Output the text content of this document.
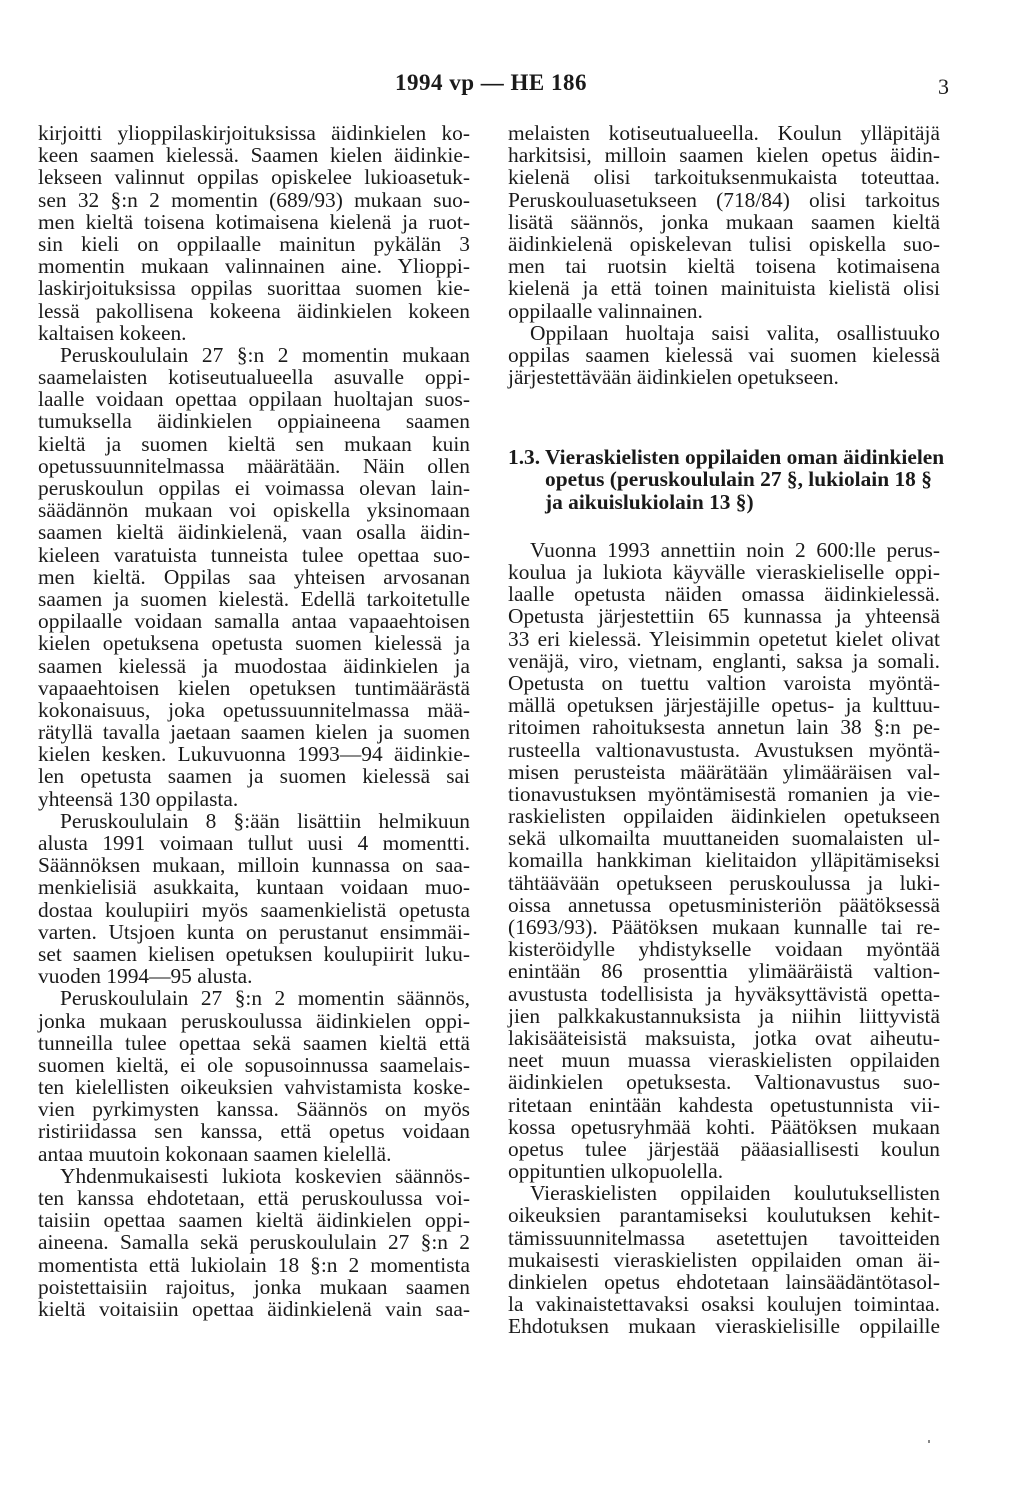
1994 vp — HE 186	3
kirjoitti ylioppilaskirjoituksissa äidinkielen ko-
keen saamen kielessä. Saamen kielen äidinkie-
lekseen valinnut oppilas opiskelee lukioasetuk-
sen 32 §:n 2 momentin (689/93) mukaan suo-
men kieltä toisena kotimaisena kielenä ja ruot-
sin kieli on oppilaalle mainitun pykälän 3
momentin mukaan valinnainen aine. Ylioppi-
laskirjoituksissa oppilas suorittaa suomen kie-
lessä pakollisena kokeena äidinkielen kokeen
kaltaisen kokeen.
Peruskoululain 27 §:n 2 momentin mukaan
saamelaisten kotiseutualueella asuvalle oppi-
laalle voidaan opettaa oppilaan huoltajan suos-
tumuksella äidinkielen oppiaineena saamen
kieltä ja suomen kieltä sen mukaan kuin
opetussuunnitelmassa määrätään. Näin ollen
peruskoulun oppilas ei voimassa olevan lain-
säädännön mukaan voi opiskella yksinomaan
saamen kieltä äidinkielenä, vaan osalla äidin-
kieleen varatuista tunneista tulee opettaa suo-
men kieltä. Oppilas saa yhteisen arvosanan
saamen ja suomen kielestä. Edellä tarkoitetulle
oppilaalle voidaan samalla antaa vapaaehtoisen
kielen opetuksena opetusta suomen kielessä ja
saamen kielessä ja muodostaa äidinkielen ja
vapaaehtoisen kielen opetuksen tuntimäärästä
kokonaisuus, joka opetussuunnitelmassa mää-
rätyllä tavalla jaetaan saamen kielen ja suomen
kielen kesken. Lukuvuonna 1993—94 äidinkie-
len opetusta saamen ja suomen kielessä sai
yhteensä 130 oppilasta.
Peruskoululain 8 §:ään lisättiin helmikuun
alusta 1991 voimaan tullut uusi 4 momentti.
Säännöksen mukaan, milloin kunnassa on saa-
menkielisiä asukkaita, kuntaan voidaan muo-
dostaa koulupiiri myös saamenkielistä opetusta
varten. Utsjoen kunta on perustanut ensimmäi-
set saamen kielisen opetuksen koulupiirit luku-
vuoden 1994—95 alusta.
Peruskoululain 27 §:n 2 momentin säännös,
jonka mukaan peruskoulussa äidinkielen oppi-
tunneilla tulee opettaa sekä saamen kieltä että
suomen kieltä, ei ole sopusoinnussa saamelais-
ten kielellisten oikeuksien vahvistamista koske-
vien pyrkimysten kanssa. Säännös on myös
ristiriidassa sen kanssa, että opetus voidaan
antaa muutoin kokonaan saamen kielellä.
Yhdenmukaisesti lukiota koskevien säännös-
ten kanssa ehdotetaan, että peruskoulussa voi-
taisiin opettaa saamen kieltä äidinkielen oppi-
aineena. Samalla sekä peruskoululain 27 §:n 2
momentista että lukiolain 18 §:n 2 momentista
poistettaisiin rajoitus, jonka mukaan saamen
kieltä voitaisiin opettaa äidinkielenä vain saa-
melaisten kotiseutualueella. Koulun ylläpitäjä
harkitsisi, milloin saamen kielen opetus äidin-
kielenä olisi tarkoituksenmukaista toteuttaa.
Peruskouluasetukseen (718/84) olisi tarkoitus
lisätä säännös, jonka mukaan saamen kieltä
äidinkielenä opiskelevan tulisi opiskella suo-
men tai ruotsin kieltä toisena kotimaisena
kielenä ja että toinen mainituista kielistä olisi
oppilaalle valinnainen.
Oppilaan huoltaja saisi valita, osallistuuko
oppilas saamen kielessä vai suomen kielessä
järjestettävään äidinkielen opetukseen.
1.3. Vieraskielisten oppilaiden oman äidinkielen
opetus (peruskoululain 27 §, lukiolain 18 §
ja aikuislukiolain 13 §)
Vuonna 1993 annettiin noin 2 600:lle perus-
koulua ja lukiota käyvälle vieraskieliselle oppi-
laalle opetusta näiden omassa äidinkielessä.
Opetusta järjestettiin 65 kunnassa ja yhteensä
33 eri kielessä. Yleisimmin opetetut kielet olivat
venäjä, viro, vietnam, englanti, saksa ja somali.
Opetusta on tuettu valtion varoista myöntä-
mällä opetuksen järjestäjille opetus- ja kulttuu-
ritoimen rahoituksesta annetun lain 38 §:n pe-
rusteella valtionavustusta. Avustuksen myöntä-
misen perusteista määrätään ylimääräisen val-
tionavustuksen myöntämisestä romanien ja vie-
raskielisten oppilaiden äidinkielen opetukseen
sekä ulkomailta muuttaneiden suomalaisten ul-
komailla hankkiman kielitaidon ylläpitämiseksi
tähtäävään opetukseen peruskoulussa ja luki-
oissa annetussa opetusministeriön päätöksessä
(1693/93). Päätöksen mukaan kunnalle tai re-
kisteröidylle yhdistykselle voidaan myöntää
enintään 86 prosenttia ylimääräistä valtion-
avustusta todellisista ja hyväksyttävistä opetta-
jien palkkakustannuksista ja niihin liittyvistä
lakisääteisistä maksuista, jotka ovat aiheutu-
neet muun muassa vieraskielisten oppilaiden
äidinkielen opetuksesta. Valtionavustus suo-
ritetaan enintään kahdesta opetustunnista vii-
kossa opetusryhmää kohti. Päätöksen mukaan
opetus tulee järjestää pääasiallisesti koulun
oppituntien ulkopuolella.
Vieraskielisten oppilaiden koulutuksellisten
oikeuksien parantamiseksi koulutuksen kehit-
tämissuunnitelmassa asetettujen tavoitteiden
mukaisesti vieraskielisten oppilaiden oman äi-
dinkielen opetus ehdotetaan lainsäädäntötasol-
la vakinaistettavaksi osaksi koulujen toimintaa.
Ehdotuksen mukaan vieraskielisille oppilaille
